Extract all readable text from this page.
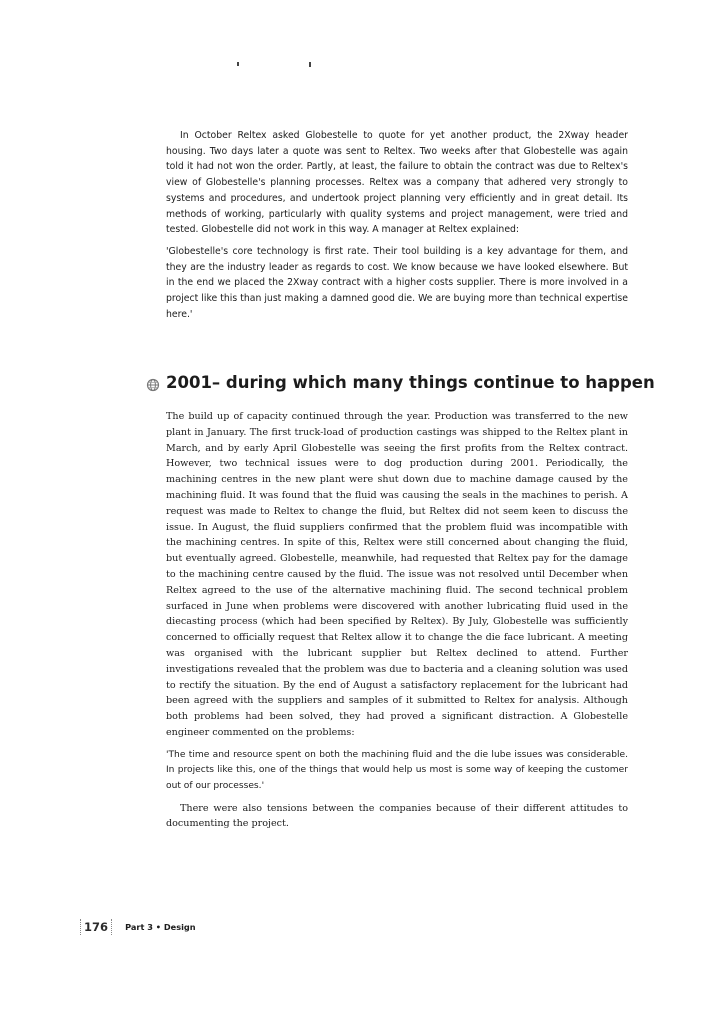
In October Reltex asked Globestelle to quote for yet another product, the 2Xway header housing. Two days later a quote was sent to Reltex. Two weeks after that Globestelle was again told it had not won the order. Partly, at least, the failure to obtain the contract was due to Reltex's view of Globestelle's planning processes. Reltex was a company that adhered very strongly to systems and procedures, and undertook project planning very efficiently and in great detail. Its methods of working, particularly with quality systems and project management, were tried and tested. Globestelle did not work in this way. A manager at Reltex explained:

'Globestelle's core technology is first rate. Their tool building is a key advantage for them, and they are the industry leader as regards to cost. We know because we have looked elsewhere. But in the end we placed the 2Xway contract with a higher costs supplier. There is more involved in a project like this than just making a damned good die. We are buying more than technical expertise here.'

2001– during which many things continue to happen

The build up of capacity continued through the year. Production was transferred to the new plant in January. The first truck-load of production castings was shipped to the Reltex plant in March, and by early April Globestelle was seeing the first profits from the Reltex contract. However, two technical issues were to dog production during 2001. Periodically, the machining centres in the new plant were shut down due to machine damage caused by the machining fluid. It was found that the fluid was causing the seals in the machines to perish. A request was made to Reltex to change the fluid, but Reltex did not seem keen to discuss the issue. In August, the fluid suppliers confirmed that the problem fluid was incompatible with the machining centres. In spite of this, Reltex were still concerned about changing the fluid, but eventually agreed. Globestelle, meanwhile, had requested that Reltex pay for the damage to the machining centre caused by the fluid. The issue was not resolved until December when Reltex agreed to the use of the alternative machining fluid. The second technical problem surfaced in June when problems were discovered with another lubricating fluid used in the diecasting process (which had been specified by Reltex). By July, Globestelle was sufficiently concerned to officially request that Reltex allow it to change the die face lubricant. A meeting was organised with the lubricant supplier but Reltex declined to attend. Further investigations revealed that the problem was due to bacteria and a cleaning solution was used to rectify the situation. By the end of August a satisfactory replacement for the lubricant had been agreed with the suppliers and samples of it submitted to Reltex for analysis. Although both problems had been solved, they had proved a significant distraction. A Globestelle engineer commented on the problems:

'The time and resource spent on both the machining fluid and the die lube issues was considerable. In projects like this, one of the things that would help us most is some way of keeping the customer out of our processes.'

There were also tensions between the companies because of their different attitudes to documenting the project.

176 Part 3 • Design
